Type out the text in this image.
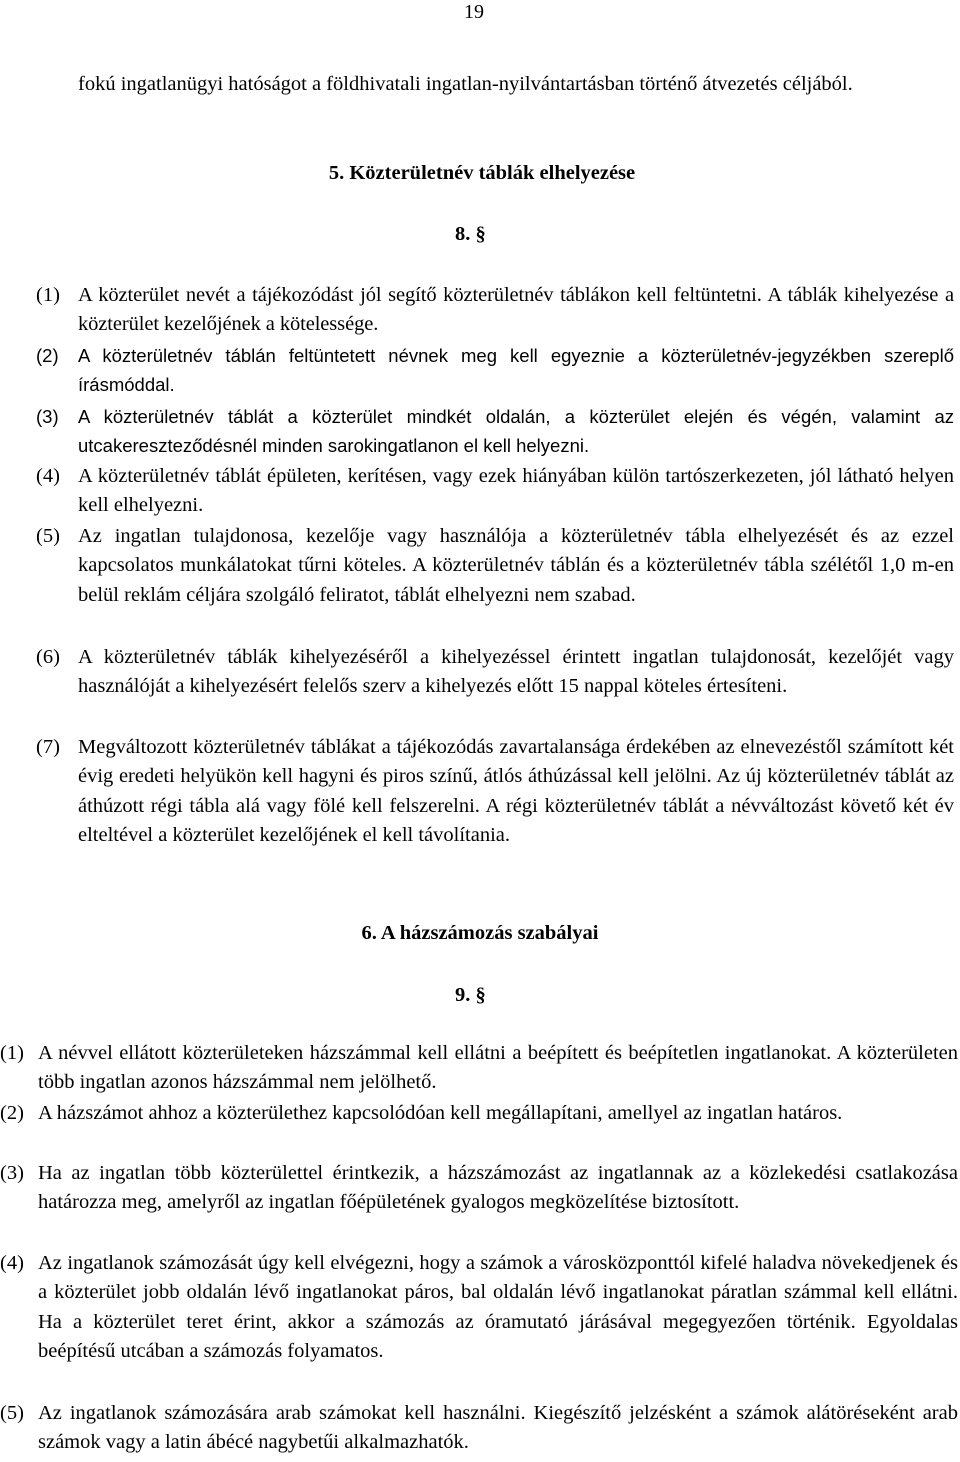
19

fokú ingatlanügyi hatóságot a földhivatali ingatlan-nyilvántartásban történő átvezetés céljából.

5. Közterületnév táblák elhelyezése
8. §
(1) A közterület nevét a tájékozódást jól segítő közterületnév táblákon kell feltüntetni. A táblák kihelyezése a közterület kezelőjének a kötelessége.
(2)	A közterületnév táblán feltüntetett névnek meg kell egyeznie a közterületnév-jegyzékben szereplő írásmóddal.
(3)	A közterületnév táblát a közterület mindkét oldalán, a közterület elején és végén, valamint az utcakereszteződésnél minden sarokingatlanon el kell helyezni.
(4) A közterületnév táblát épületen, kerítésen, vagy ezek hiányában külön tartószerkezeten, jól látható helyen kell elhelyezni.
(5) Az ingatlan tulajdonosa, kezelője vagy használója a közterületnév tábla elhelyezését és az ezzel kapcsolatos munkálatokat tűrni köteles. A közterületnév táblán és a közterületnév tábla szélétől 1,0 m-en belül reklám céljára szolgáló feliratot, táblát elhelyezni nem szabad.
(6) A közterületnév táblák kihelyezéséről a kihelyezéssel érintett ingatlan tulajdonosát, kezelőjét vagy használóját a kihelyezésért felelős szerv a kihelyezés előtt 15 nappal köteles értesíteni.
(7) Megváltozott közterületnév táblákat a tájékozódás zavartalansága érdekében az elnevezéstől számított két évig eredeti helyükön kell hagyni és piros színű, átlós áthúzással kell jelölni. Az új közterületnév táblát az áthúzott régi tábla alá vagy fölé kell felszerelni. A régi közterületnév táblát a névváltozást követő két év elteltével a közterület kezelőjének el kell távolítania.
6. A házszámozás szabályai
9. §
(1) A névvel ellátott közterületeken házszámmal kell ellátni a beépített és beépítetlen ingatlanokat. A közterületen több ingatlan azonos házszámmal nem jelölhető.
(2) A házszámot ahhoz a közterülethez kapcsolódóan kell megállapítani, amellyel az ingatlan határos.
(3) Ha az ingatlan több közterülettel érintkezik, a házszámozást az ingatlannak az a közlekedési csatlakozása határozza meg, amelyről az ingatlan főépületének gyalogos megközelítése biztosított.
(4) Az ingatlanok számozását úgy kell elvégezni, hogy a számok a városközponttól kifelé haladva növekedjenek és a közterület jobb oldalán lévő ingatlanokat páros, bal oldalán lévő ingatlanokat páratlan számmal kell ellátni. Ha a közterület teret érint, akkor a számozás az óramutató járásával megegyezően történik. Egyoldalas beépítésű utcában a számozás folyamatos.
(5) Az ingatlanok számozására arab számokat kell használni. Kiegészítő jelzésként a számok alátöréseként arab számok vagy a latin ábécé nagybetűi alkalmazhatók.
